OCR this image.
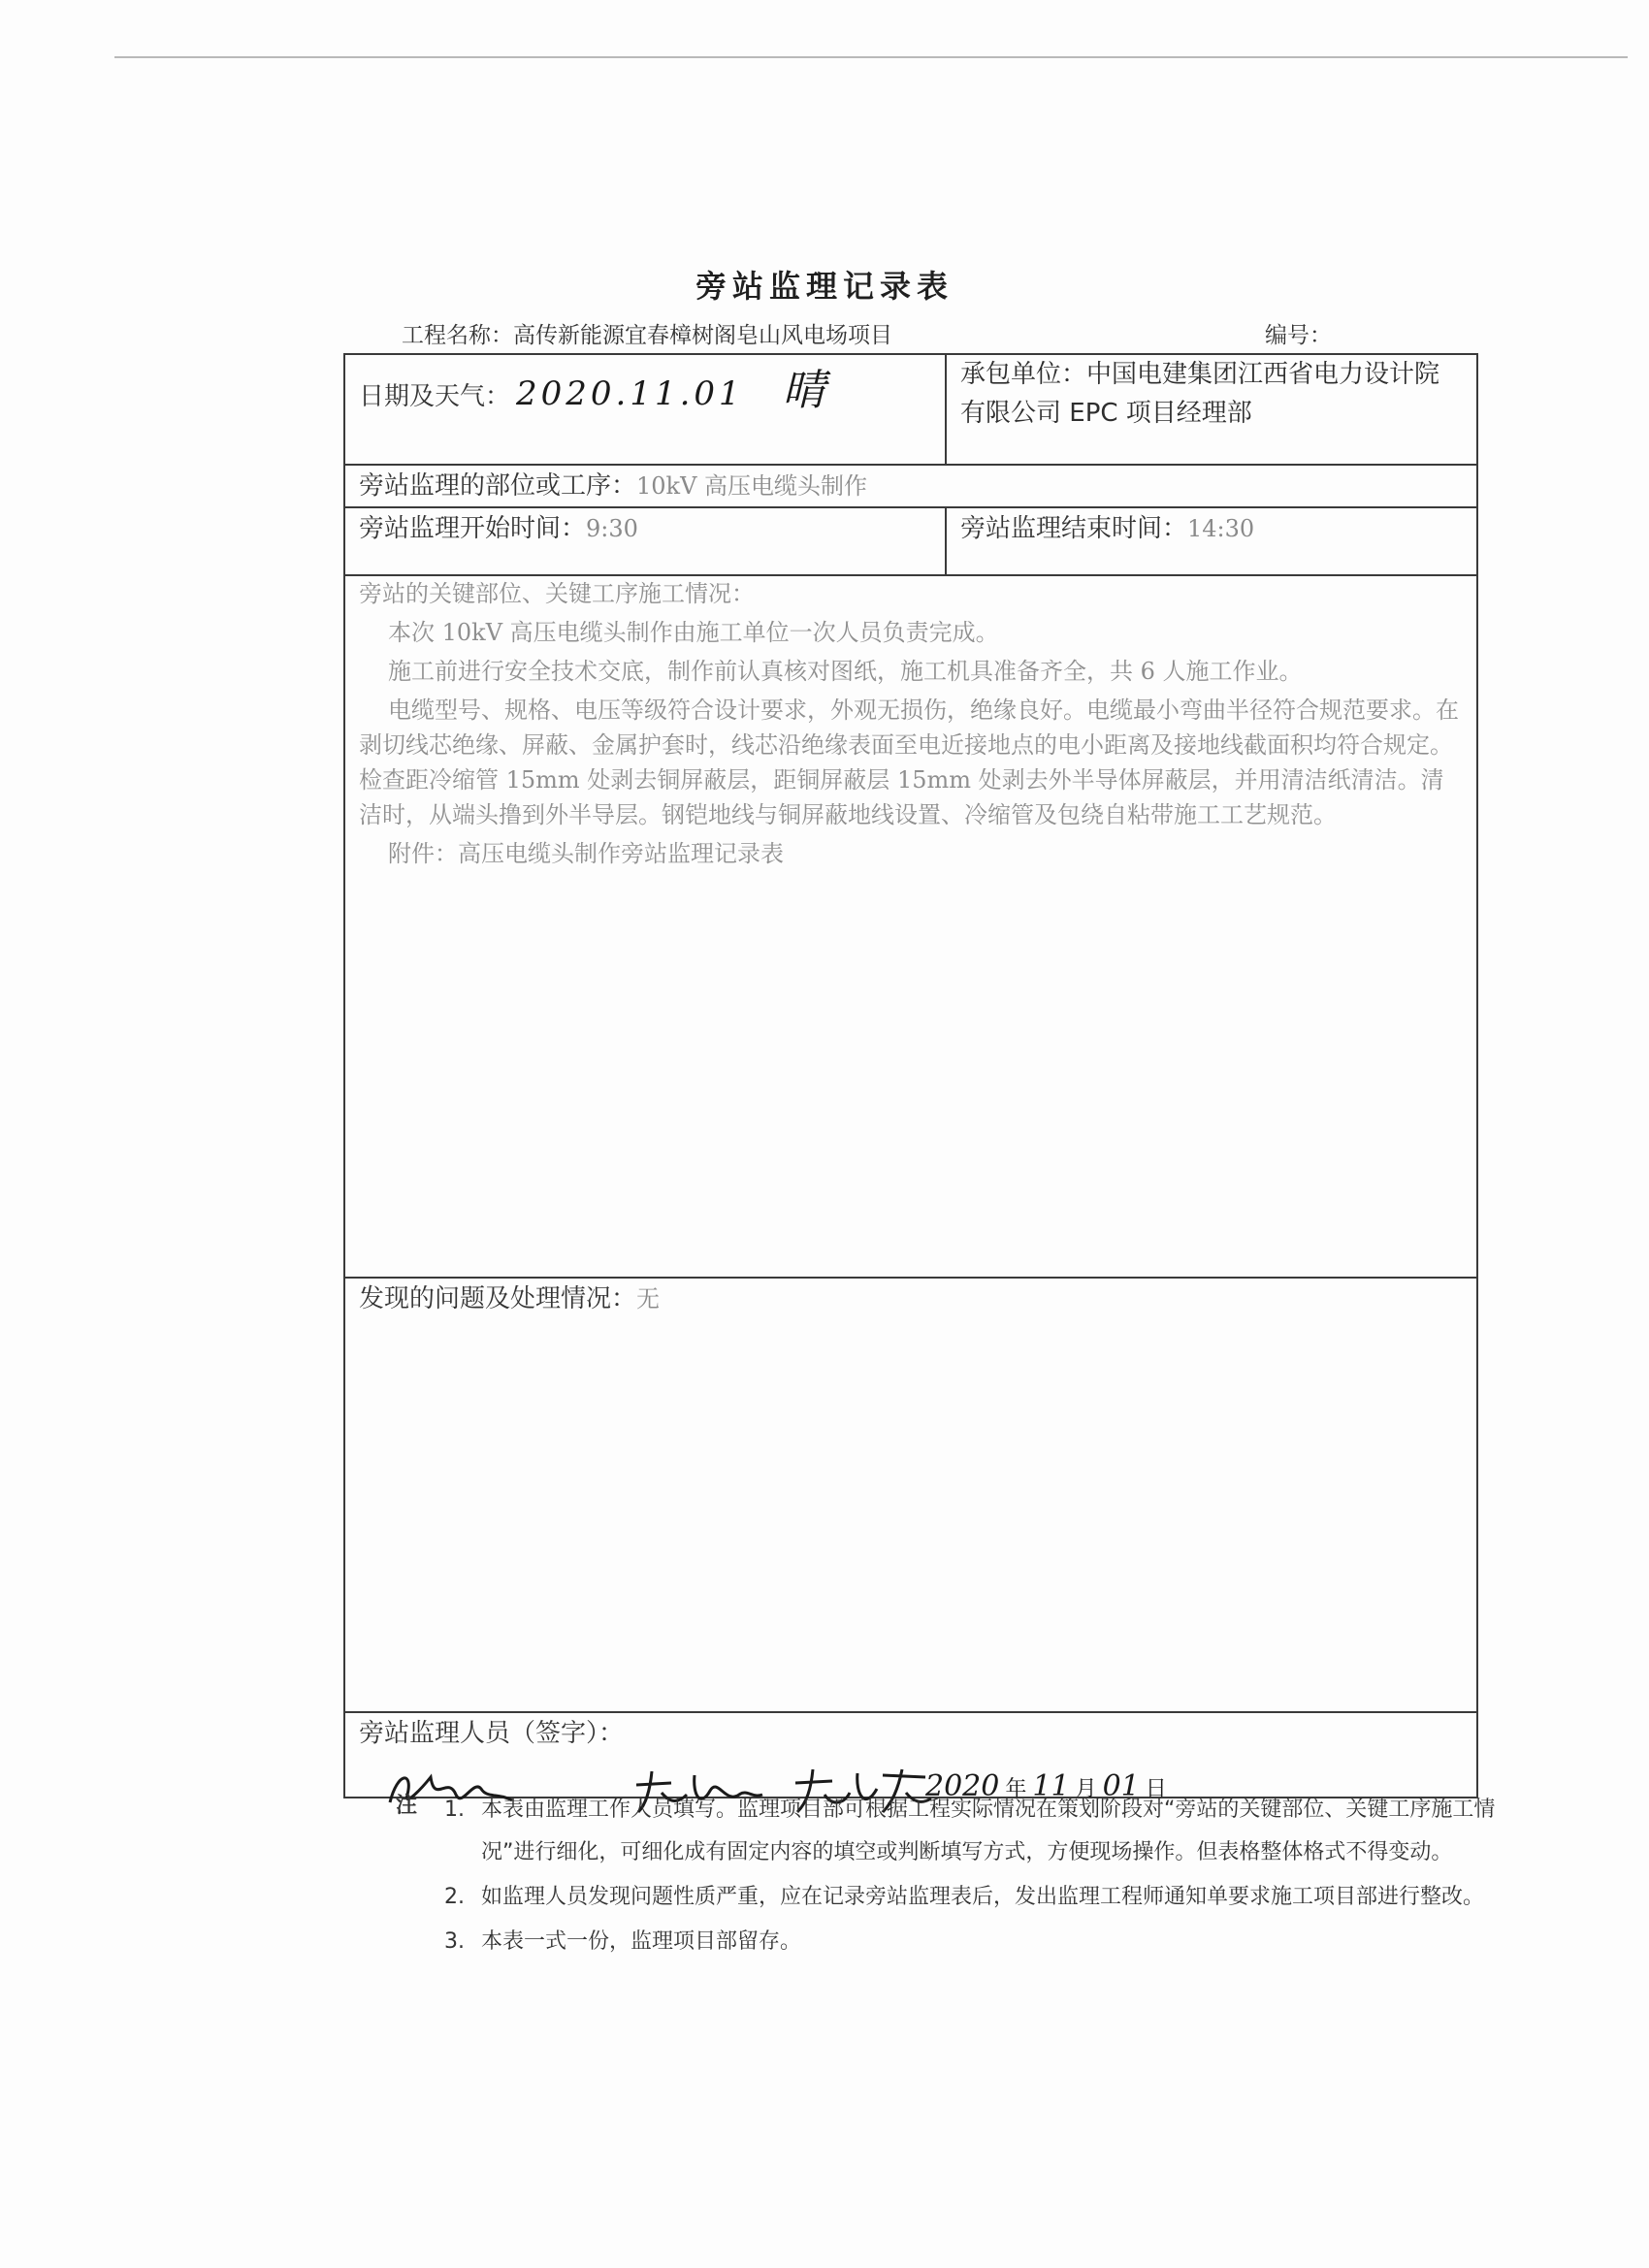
旁站监理记录表
工程名称：高传新能源宜春樟树阁皂山风电场项目	编号：
日期及天气： 2020.11.01 晴	承包单位：中国电建集团江西省电力设计院有限公司 EPC 项目经理部
旁站监理的部位或工序：10kV 高压电缆头制作	
旁站监理开始时间：9:30	旁站监理结束时间：14:30

旁站的关键部位、关键工序施工情况：

本次 10kV 高压电缆头制作由施工单位一次人员负责完成。

施工前进行安全技术交底，制作前认真核对图纸，施工机具准备齐全，共 6 人施工作业。

电缆型号、规格、电压等级符合设计要求，外观无损伤，绝缘良好。电缆最小弯曲半径符合规范要求。在剥切线芯绝缘、屏蔽、金属护套时，线芯沿绝缘表面至电近接地点的电小距离及接地线截面积均符合规定。检查距冷缩管 15mm 处剥去铜屏蔽层，距铜屏蔽层 15mm 处剥去外半导体屏蔽层，并用清洁纸清洁。清洁时，从端头撸到外半导层。钢铠地线与铜屏蔽地线设置、冷缩管及包绕自粘带施工工艺规范。

附件：高压电缆头制作旁站监理记录表	

发现的问题及处理情况：无	
旁站监理人员（签字）：
2020 年 11 月 01 日	
注 1. 本表由监理工作人员填写。监理项目部可根据工程实际情况在策划阶段对“旁站的关键部位、关键工序施工情况”进行细化，可细化成有固定内容的填空或判断填写方式，方便现场操作。但表格整体格式不得变动。
2. 如监理人员发现问题性质严重，应在记录旁站监理表后，发出监理工程师通知单要求施工项目部进行整改。
3. 本表一式一份，监理项目部留存。
